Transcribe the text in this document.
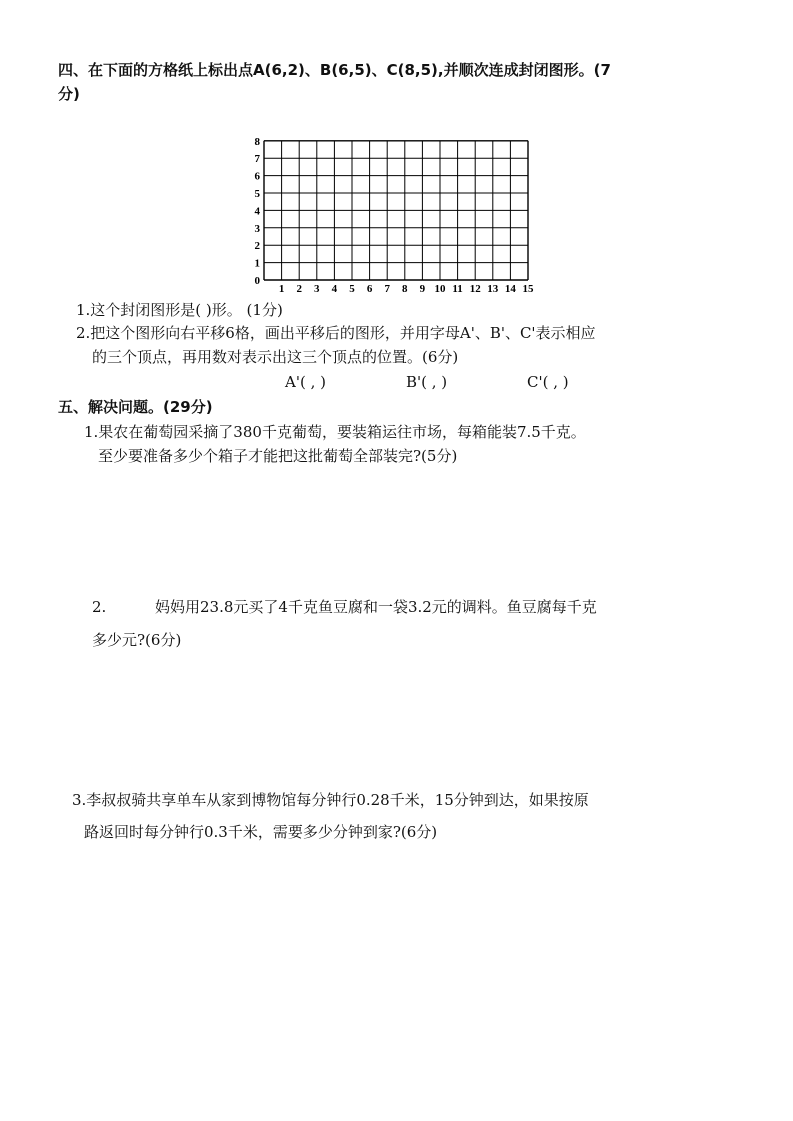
四、在下面的方格纸上标出点A(6,2)、B(6,5)、C(8,5),并顺次连成封闭图形。(7
分)
0
1
2
3
4
5
6
7
8
1 2 3 4 5 6 7 8 9 10 11 12 13 14 15
1.这个封闭图形是( )形。 (1分)
2.把这个图形向右平移6格，画出平移后的图形，并用字母A'、B'、C'表示相应
的三个顶点，再用数对表示出这三个顶点的位置。(6分)
A'( , )	B'( , )	C'( , )
五、解决问题。(29分)
1.果农在葡萄园采摘了380千克葡萄，要装箱运往市场，每箱能装7.5千克。
至少要准备多少个箱子才能把这批葡萄全部装完?(5分)
2.	妈妈用23.8元买了4千克鱼豆腐和一袋3.2元的调料。鱼豆腐每千克
多少元?(6分)
3.李叔叔骑共享单车从家到博物馆每分钟行0.28千米，15分钟到达，如果按原
路返回时每分钟行0.3千米，需要多少分钟到家?(6分)
